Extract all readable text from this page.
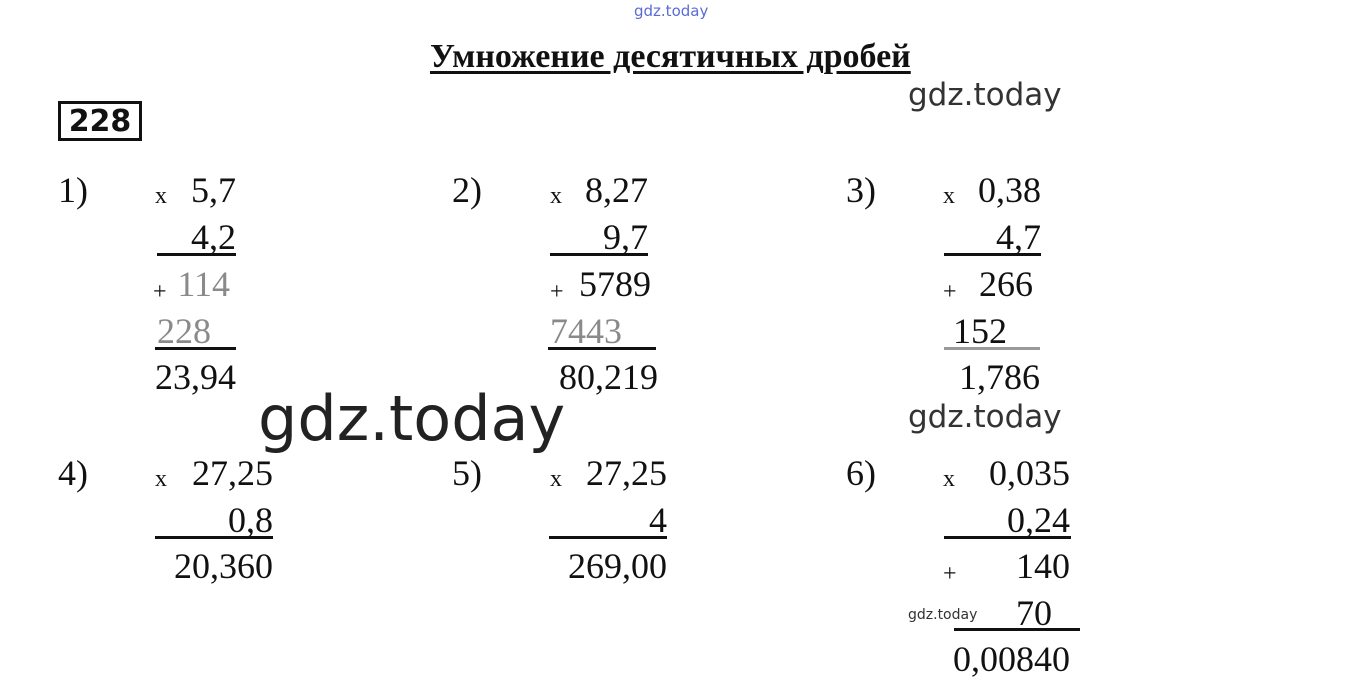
gdz.today
gdz.today
gdz.today
gdz.today
gdz.today
Умножение десятичных дробей
228
1)	x 5,7
4,2
+ 114
228
23,94
2)	x 8,27
9,7
+ 5789
7443
80,219
3)	x 0,38
4,7
+ 266
152
1,786
4)	x 27,25
0,8
20,360
5)	x 27,25
4
269,00
6)	x 0,035
0,24
+	140
70
0,00840
